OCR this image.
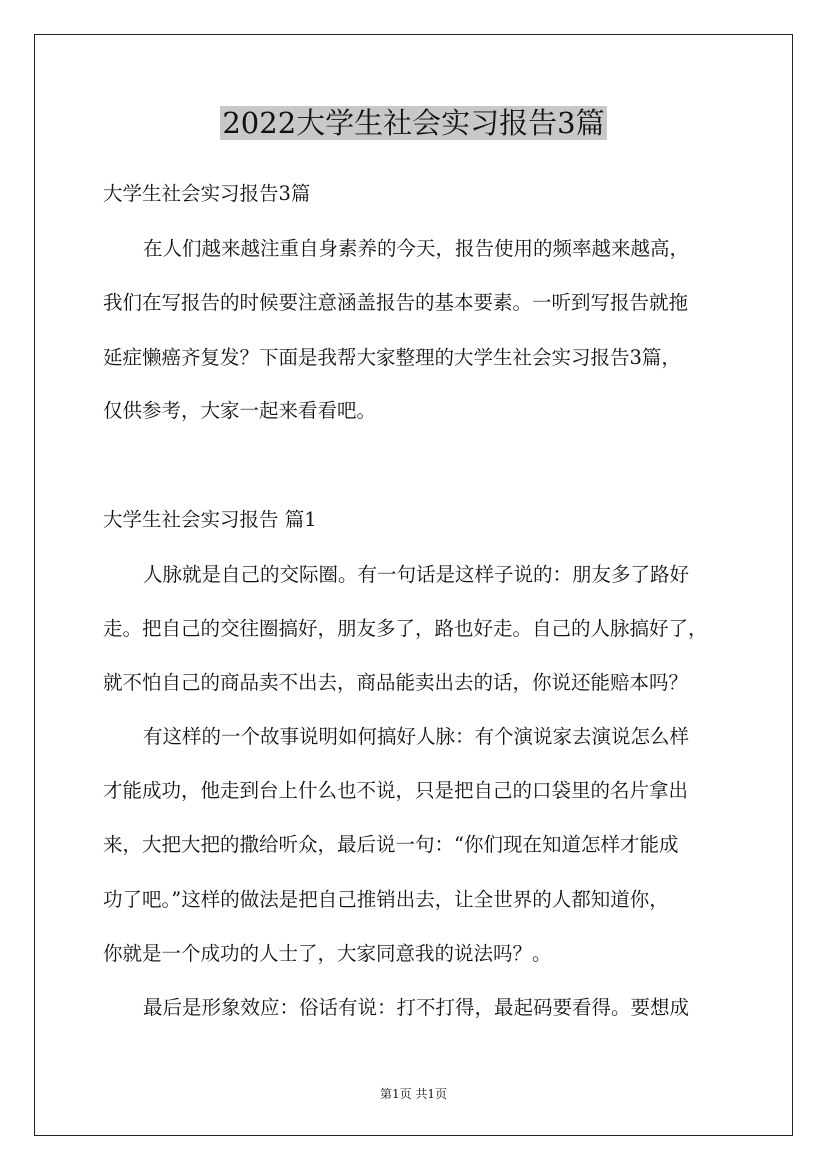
2022大学生社会实习报告3篇
大学生社会实习报告3篇
在人们越来越注重自身素养的今天，报告使用的频率越来越高，
我们在写报告的时候要注意涵盖报告的基本要素。一听到写报告就拖
延症懒癌齐复发？下面是我帮大家整理的大学生社会实习报告3篇，
仅供参考，大家一起来看看吧。
大学生社会实习报告 篇1
人脉就是自己的交际圈。有一句话是这样子说的：朋友多了路好
走。把自己的交往圈搞好，朋友多了，路也好走。自己的人脉搞好了，
就不怕自己的商品卖不出去，商品能卖出去的话，你说还能赔本吗？
有这样的一个故事说明如何搞好人脉：有个演说家去演说怎么样
才能成功，他走到台上什么也不说，只是把自己的口袋里的名片拿出
来，大把大把的撒给听众，最后说一句：“你们现在知道怎样才能成
功了吧。”这样的做法是把自己推销出去，让全世界的人都知道你，
你就是一个成功的人士了，大家同意我的说法吗？。
最后是形象效应：俗话有说：打不打得，最起码要看得。要想成
第1页 共1页
